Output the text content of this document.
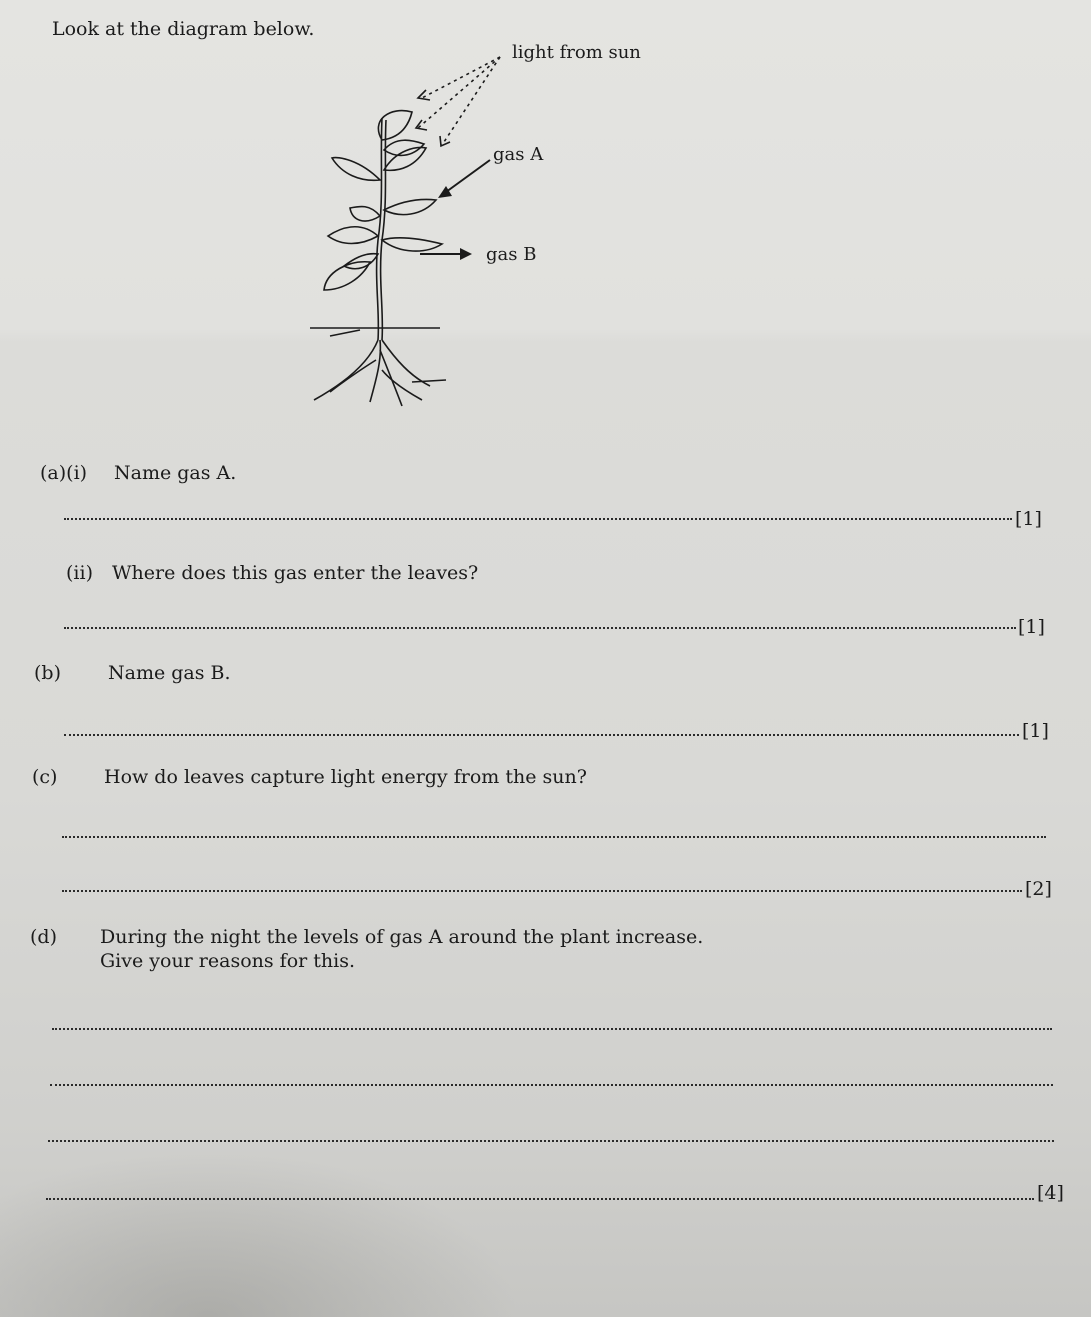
Look at the diagram below.
light from sun
gas A
gas B
(a)(i) Name gas A.
[1]
(ii) Where does this gas enter the leaves?
[1]
(b) Name gas B.
[1]
(c) How do leaves capture light energy from the sun?
[2]
(d) During the night the levels of gas A around the plant increase.
Give your reasons for this.
[4]
